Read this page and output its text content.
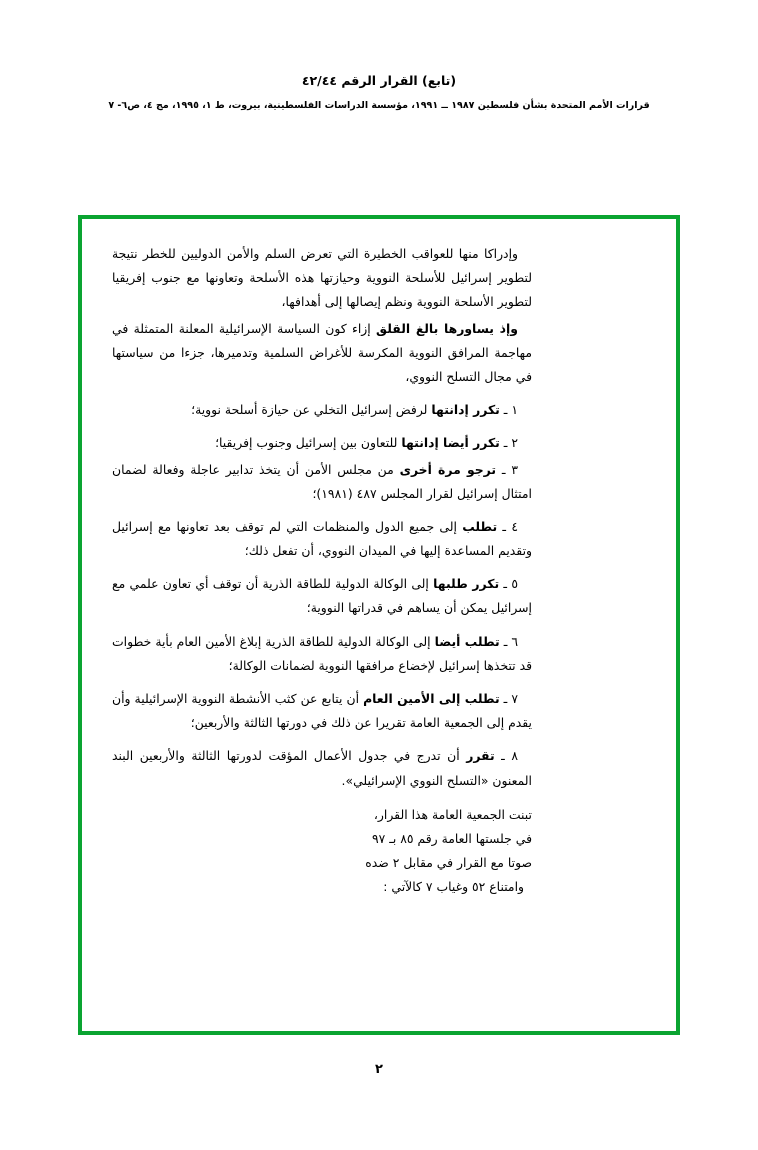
(تابع) القرار الرقم ٤٢/٤٤
قرارات الأمم المتحدة بشأن فلسطين ١٩٨٧ ــ ١٩٩١، مؤسسة الدراسات الفلسطينية، بيروت، ط ١، ١٩٩٥، مج ٤، ص٦- ٧

وإدراكا منها للعواقب الخطيرة التي تعرض السلم والأمن الدوليين للخطر نتيجة لتطوير إسرائيل للأسلحة النووية وحيازتها هذه الأسلحة وتعاونها مع جنوب إفريقيا لتطوير الأسلحة النووية ونظم إيصالها إلى أهدافها،

وإذ يساورها بالغ القلق إزاء كون السياسة الإسرائيلية المعلنة المتمثلة في مهاجمة المرافق النووية المكرسة للأغراض السلمية وتدميرها، جزءا من سياستها في مجال التسلح النووي،

١ ـ تكرر إدانتها لرفض إسرائيل التخلي عن حيازة أسلحة نووية؛

٢ ـ تكرر أيضا إدانتها للتعاون بين إسرائيل وجنوب إفريقيا؛

٣ ـ ترجو مرة أخرى من مجلس الأمن أن يتخذ تدابير عاجلة وفعالة لضمان امتثال إسرائيل لقرار المجلس ٤٨٧ (١٩٨١)؛

٤ ـ تطلب إلى جميع الدول والمنظمات التي لم توقف بعد تعاونها مع إسرائيل وتقديم المساعدة إليها في الميدان النووي، أن تفعل ذلك؛

٥ ـ تكرر طلبها إلى الوكالة الدولية للطاقة الذرية أن توقف أي تعاون علمي مع إسرائيل يمكن أن يساهم في قدراتها النووية؛

٦ ـ تطلب أيضا إلى الوكالة الدولية للطاقة الذرية إبلاغ الأمين العام بأية خطوات قد تتخذها إسرائيل لإخضاع مرافقها النووية لضمانات الوكالة؛

٧ ـ تطلب إلى الأمين العام أن يتابع عن كثب الأنشطة النووية الإسرائيلية وأن يقدم إلى الجمعية العامة تقريرا عن ذلك في دورتها الثالثة والأربعين؛

٨ ـ تقرر أن تدرج في جدول الأعمال المؤقت لدورتها الثالثة والأربعين البند المعنون «التسلح النووي الإسرائيلي».

تبنت الجمعية العامة هذا القرار،
في جلستها العامة رقم ٨٥ بـ ٩٧
صوتا مع القرار في مقابل ٢ ضده
وامتناع ٥٢ وغياب ٧ كالآتي :
٢
